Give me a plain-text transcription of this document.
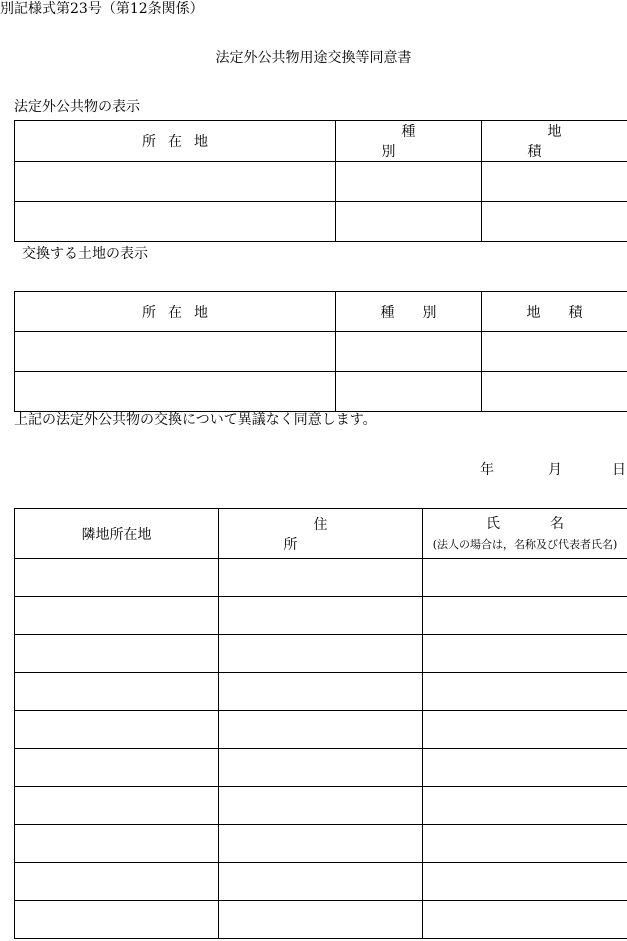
別記様式第23号（第12条関係）
法定外公共物用途交換等同意書
法定外公共物の表示
所在地	種別	地積

交換する土地の表示
所在地	種別	地積

上記の法定外公共物の交換について異議なく同意します。
年	月	日
隣地所在地	住所	氏名
(法人の場合は，名称及び代表者氏名)
